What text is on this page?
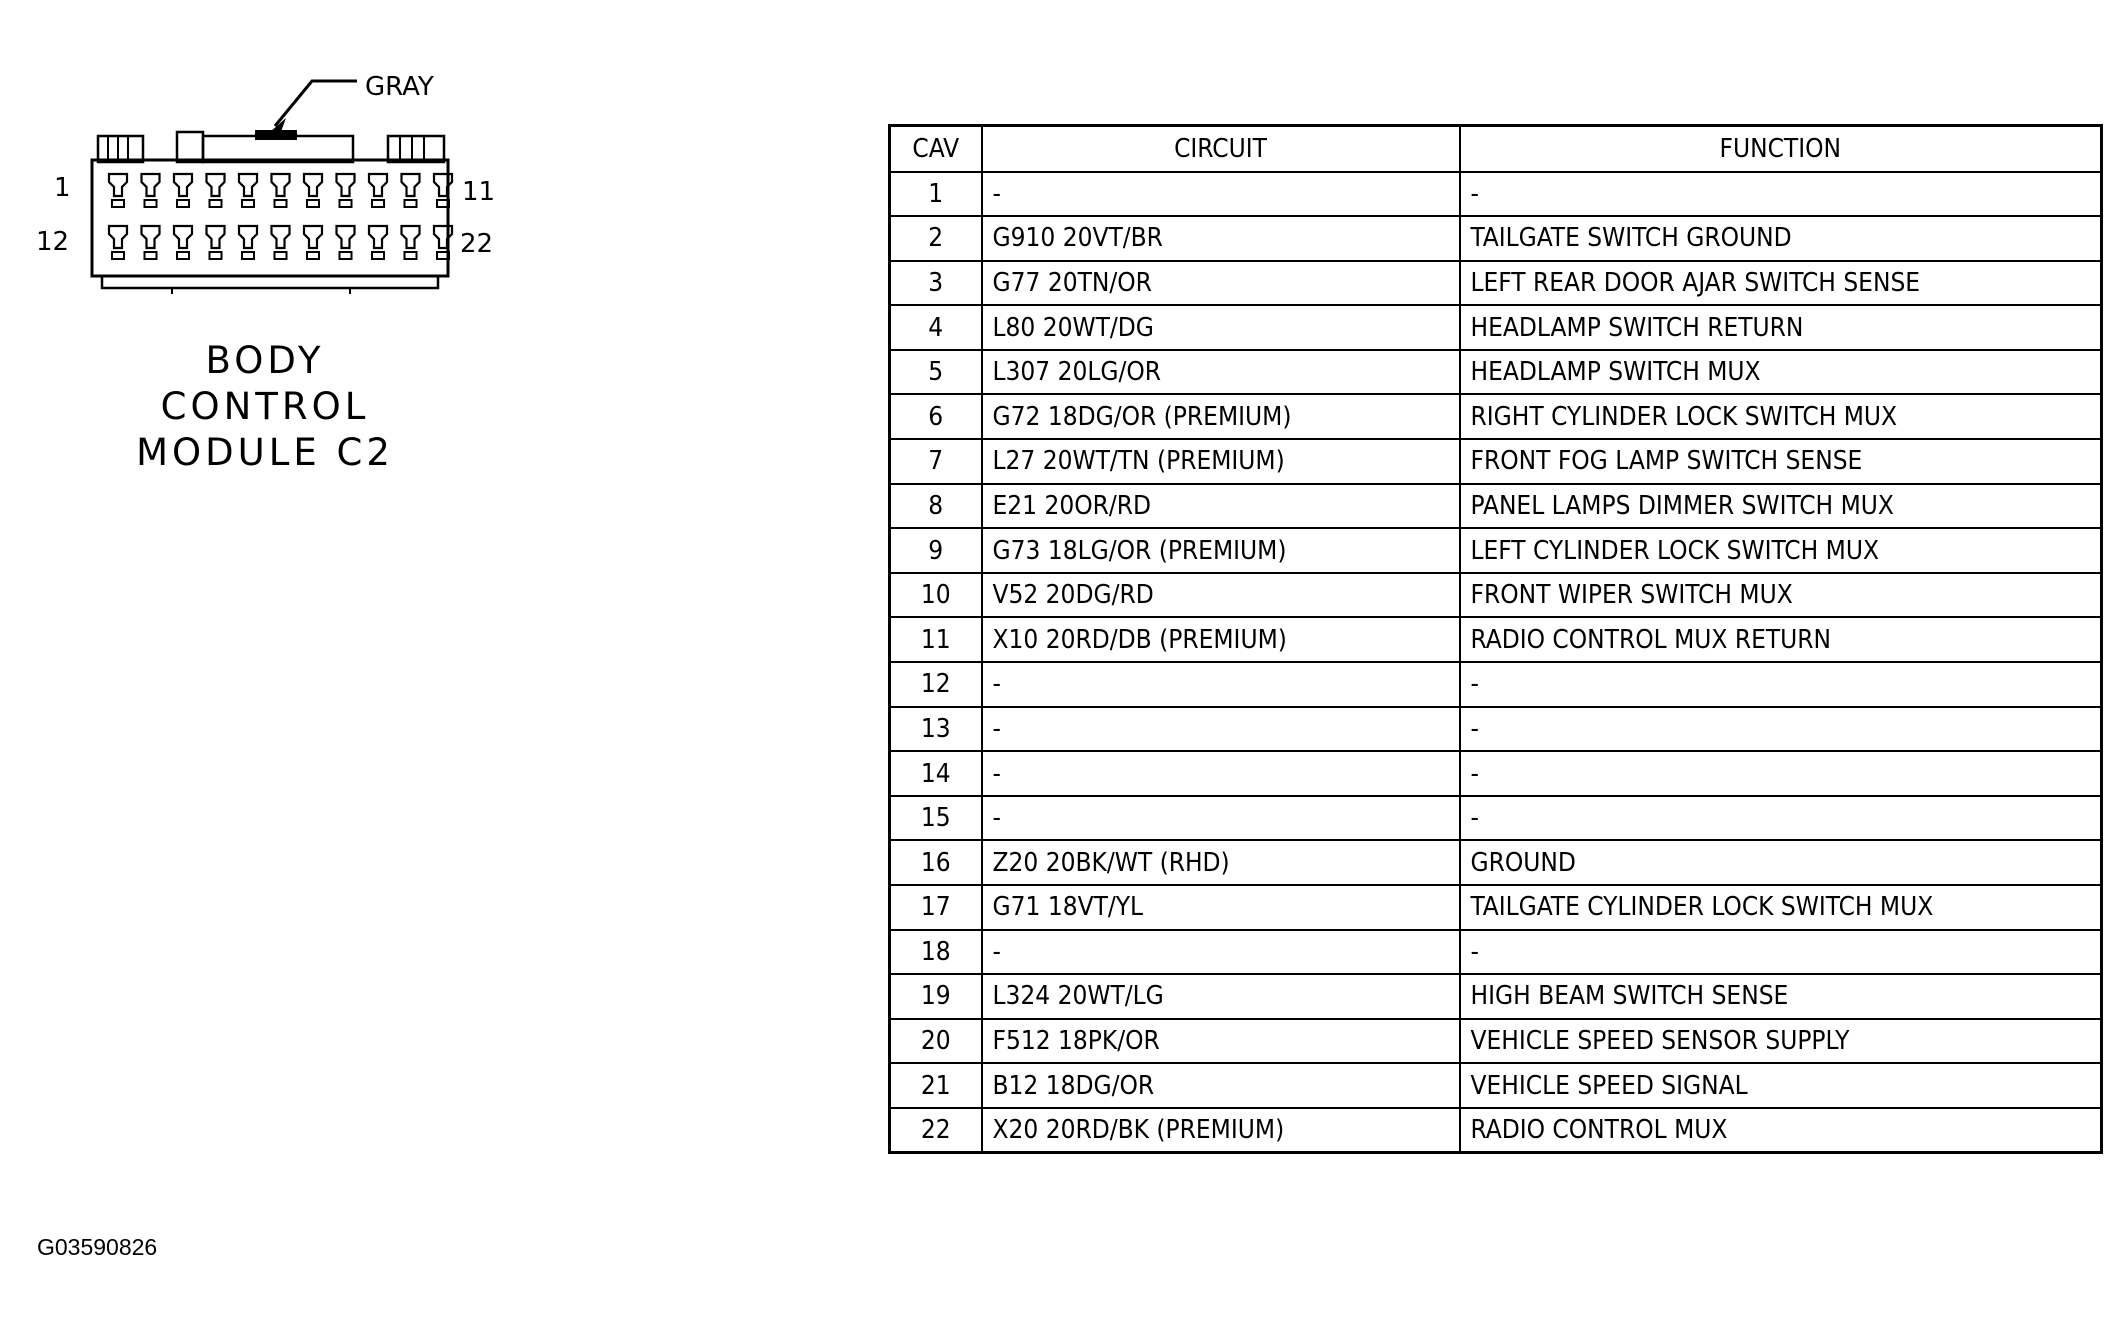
GRAY
1	11
12	22
BODY
CONTROL
MODULE C2
CAV	CIRCUIT	FUNCTION
1	-	-
2	G910 20VT/BR	TAILGATE SWITCH GROUND
3	G77 20TN/OR	LEFT REAR DOOR AJAR SWITCH SENSE
4	L80 20WT/DG	HEADLAMP SWITCH RETURN
5	L307 20LG/OR	HEADLAMP SWITCH MUX
6	G72 18DG/OR (PREMIUM)	RIGHT CYLINDER LOCK SWITCH MUX
7	L27 20WT/TN (PREMIUM)	FRONT FOG LAMP SWITCH SENSE
8	E21 20OR/RD	PANEL LAMPS DIMMER SWITCH MUX
9	G73 18LG/OR (PREMIUM)	LEFT CYLINDER LOCK SWITCH MUX
10	V52 20DG/RD	FRONT WIPER SWITCH MUX
11	X10 20RD/DB (PREMIUM)	RADIO CONTROL MUX RETURN
12	-	-
13	-	-
14	-	-
15	-	-
16	Z20 20BK/WT (RHD)	GROUND
17	G71 18VT/YL	TAILGATE CYLINDER LOCK SWITCH MUX
18	-	-
19	L324 20WT/LG	HIGH BEAM SWITCH SENSE
20	F512 18PK/OR	VEHICLE SPEED SENSOR SUPPLY
21	B12 18DG/OR	VEHICLE SPEED SIGNAL
22	X20 20RD/BK (PREMIUM)	RADIO CONTROL MUX
G03590826
